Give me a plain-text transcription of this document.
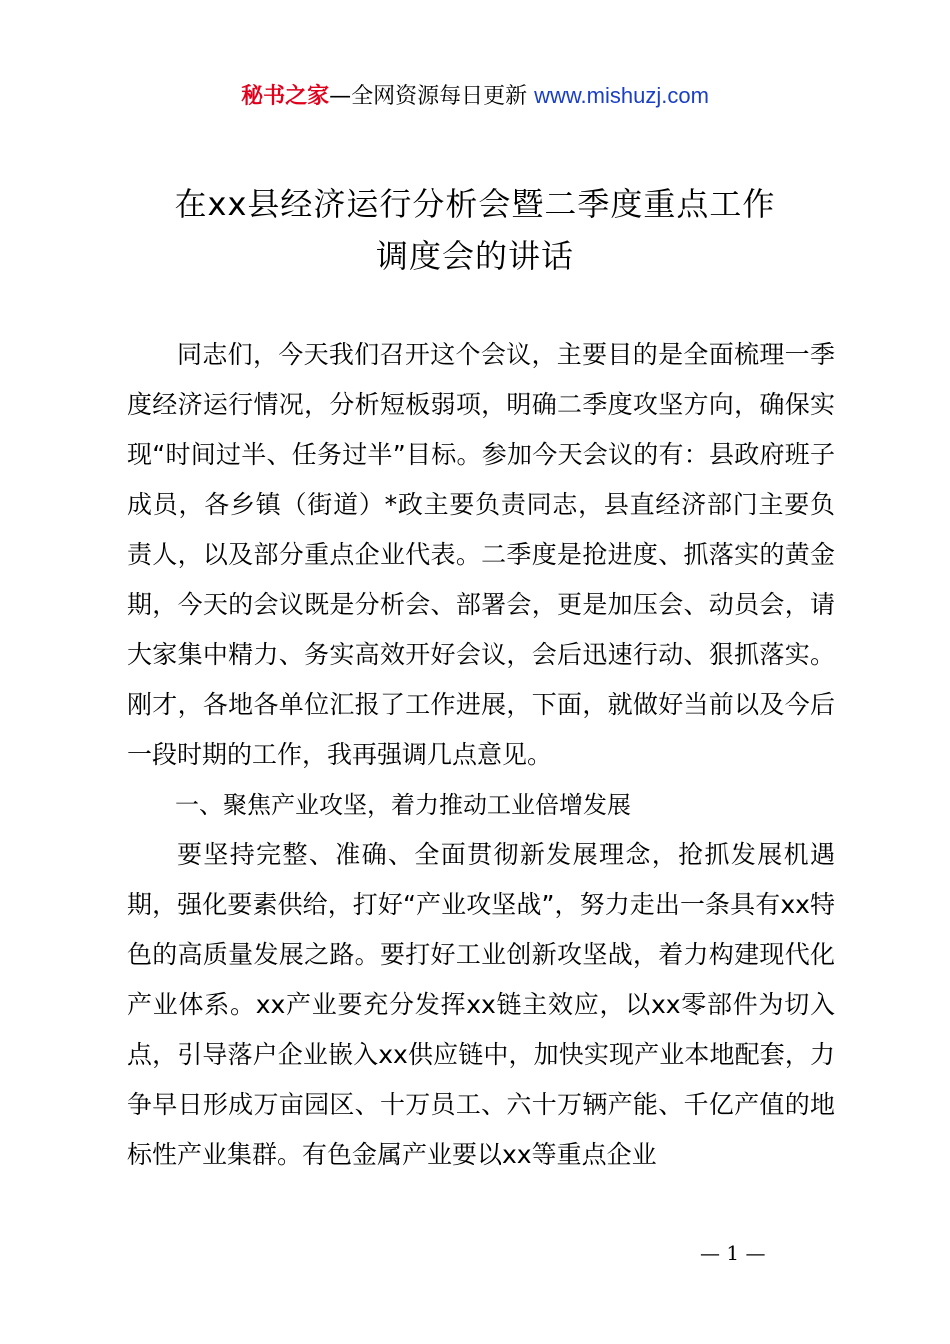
秘书之家—全网资源每日更新 www.mishuzj.com
在xx县经济运行分析会暨二季度重点工作
调度会的讲话

同志们，今天我们召开这个会议，主要目的是全面梳理一季度经济运行情况，分析短板弱项，明确二季度攻坚方向，确保实现“时间过半、任务过半”目标。参加今天会议的有：县政府班子成员，各乡镇（街道）*政主要负责同志，县直经济部门主要负责人，以及部分重点企业代表。二季度是抢进度、抓落实的黄金期，今天的会议既是分析会、部署会，更是加压会、动员会，请大家集中精力、务实高效开好会议，会后迅速行动、狠抓落实。刚才，各地各单位汇报了工作进展，下面，就做好当前以及今后一段时期的工作，我再强调几点意见。

一、聚焦产业攻坚，着力推动工业倍增发展

要坚持完整、准确、全面贯彻新发展理念，抢抓发展机遇期，强化要素供给，打好“产业攻坚战”，努力走出一条具有xx特色的高质量发展之路。要打好工业创新攻坚战，着力构建现代化产业体系。xx产业要充分发挥xx链主效应，以xx零部件为切入点，引导落户企业嵌入xx供应链中，加快实现产业本地配套，力争早日形成万亩园区、十万员工、六十万辆产能、千亿产值的地标性产业集群。有色金属产业要以xx等重点企业

— 1 —
